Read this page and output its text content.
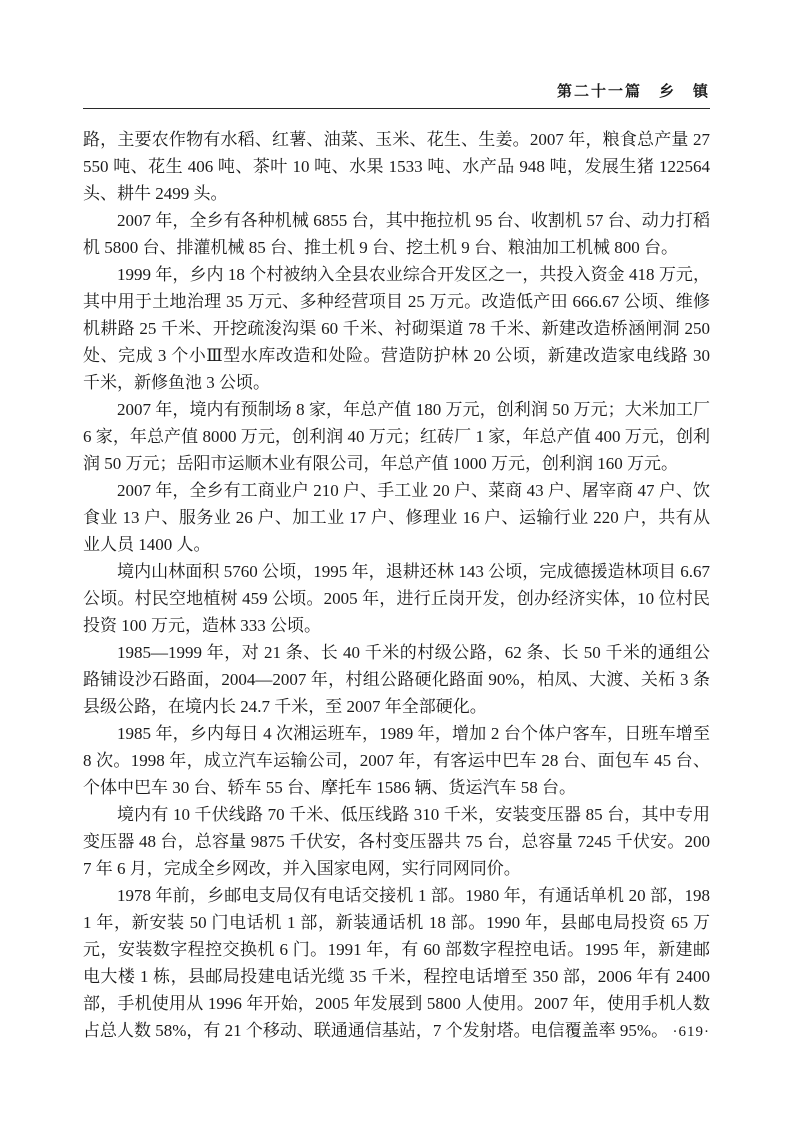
第二十一篇　乡　镇

路，主要农作物有水稻、红薯、油菜、玉米、花生、生姜。2007 年，粮食总产量 27550 吨、花生 406 吨、茶叶 10 吨、水果 1533 吨、水产品 948 吨，发展生猪 122564 头、耕牛 2499 头。

2007 年，全乡有各种机械 6855 台，其中拖拉机 95 台、收割机 57 台、动力打稻机 5800 台、排灌机械 85 台、推土机 9 台、挖土机 9 台、粮油加工机械 800 台。

1999 年，乡内 18 个村被纳入全县农业综合开发区之一，共投入资金 418 万元，其中用于土地治理 35 万元、多种经营项目 25 万元。改造低产田 666.67 公顷、维修机耕路 25 千米、开挖疏浚沟渠 60 千米、衬砌渠道 78 千米、新建改造桥涵闸洞 250 处、完成 3 个小Ⅲ型水库改造和处险。营造防护林 20 公顷，新建改造家电线路 30 千米，新修鱼池 3 公顷。

2007 年，境内有预制场 8 家，年总产值 180 万元，创利润 50 万元；大米加工厂 6 家，年总产值 8000 万元，创利润 40 万元；红砖厂 1 家，年总产值 400 万元，创利润 50 万元；岳阳市运顺木业有限公司，年总产值 1000 万元，创利润 160 万元。

2007 年，全乡有工商业户 210 户、手工业 20 户、菜商 43 户、屠宰商 47 户、饮食业 13 户、服务业 26 户、加工业 17 户、修理业 16 户、运输行业 220 户，共有从业人员 1400 人。

境内山林面积 5760 公顷，1995 年，退耕还林 143 公顷，完成德援造林项目 6.67 公顷。村民空地植树 459 公顷。2005 年，进行丘岗开发，创办经济实体，10 位村民投资 100 万元，造林 333 公顷。

1985—1999 年，对 21 条、长 40 千米的村级公路，62 条、长 50 千米的通组公路铺设沙石路面，2004—2007 年，村组公路硬化路面 90%，柏凤、大渡、关柘 3 条县级公路，在境内长 24.7 千米，至 2007 年全部硬化。

1985 年，乡内每日 4 次湘运班车，1989 年，增加 2 台个体户客车，日班车增至 8 次。1998 年，成立汽车运输公司，2007 年，有客运中巴车 28 台、面包车 45 台、个体中巴车 30 台、轿车 55 台、摩托车 1586 辆、货运汽车 58 台。

境内有 10 千伏线路 70 千米、低压线路 310 千米，安装变压器 85 台，其中专用变压器 48 台，总容量 9875 千伏安，各村变压器共 75 台，总容量 7245 千伏安。2007 年 6 月，完成全乡网改，并入国家电网，实行同网同价。

1978 年前，乡邮电支局仅有电话交接机 1 部。1980 年，有通话单机 20 部，1981 年，新安装 50 门电话机 1 部，新装通话机 18 部。1990 年，县邮电局投资 65 万元，安装数字程控交换机 6 门。1991 年，有 60 部数字程控电话。1995 年，新建邮电大楼 1 栋，县邮局投建电话光缆 35 千米，程控电话增至 350 部，2006 年有 2400 部，手机使用从 1996 年开始，2005 年发展到 5800 人使用。2007 年，使用手机人数占总人数 58%，有 21 个移动、联通通信基站，7 个发射塔。电信覆盖率 95%。 ·619·
